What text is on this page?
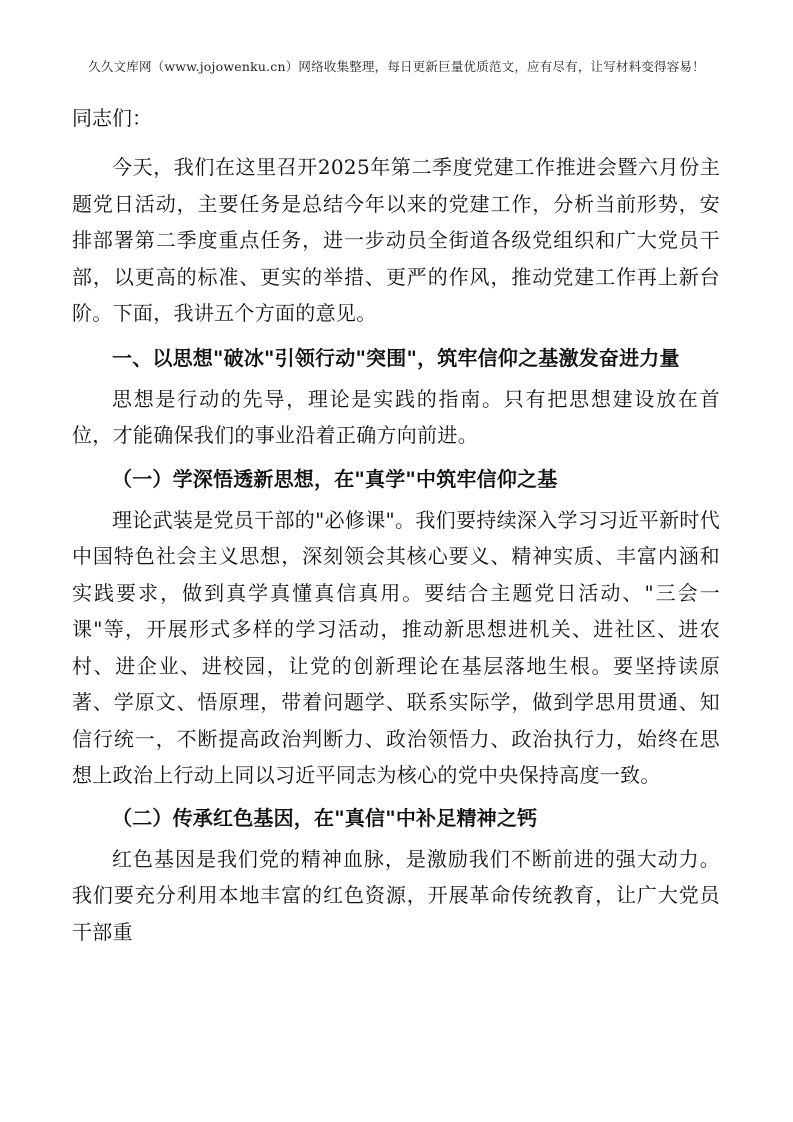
久久文库网（www.jojowenku.cn）网络收集整理，每日更新巨量优质范文，应有尽有，让写材料变得容易！

同志们：

今天，我们在这里召开2025年第二季度党建工作推进会暨六月份主题党日活动，主要任务是总结今年以来的党建工作，分析当前形势，安排部署第二季度重点任务，进一步动员全街道各级党组织和广大党员干部，以更高的标准、更实的举措、更严的作风，推动党建工作再上新台阶。下面，我讲五个方面的意见。

一、以思想"破冰"引领行动"突围"，筑牢信仰之基激发奋进力量

思想是行动的先导，理论是实践的指南。只有把思想建设放在首位，才能确保我们的事业沿着正确方向前进。

（一）学深悟透新思想，在"真学"中筑牢信仰之基

理论武装是党员干部的"必修课"。我们要持续深入学习习近平新时代中国特色社会主义思想，深刻领会其核心要义、精神实质、丰富内涵和实践要求，做到真学真懂真信真用。要结合主题党日活动、"三会一课"等，开展形式多样的学习活动，推动新思想进机关、进社区、进农村、进企业、进校园，让党的创新理论在基层落地生根。要坚持读原著、学原文、悟原理，带着问题学、联系实际学，做到学思用贯通、知信行统一，不断提高政治判断力、政治领悟力、政治执行力，始终在思想上政治上行动上同以习近平同志为核心的党中央保持高度一致。

（二）传承红色基因，在"真信"中补足精神之钙

红色基因是我们党的精神血脉，是激励我们不断前进的强大动力。我们要充分利用本地丰富的红色资源，开展革命传统教育，让广大党员干部重
